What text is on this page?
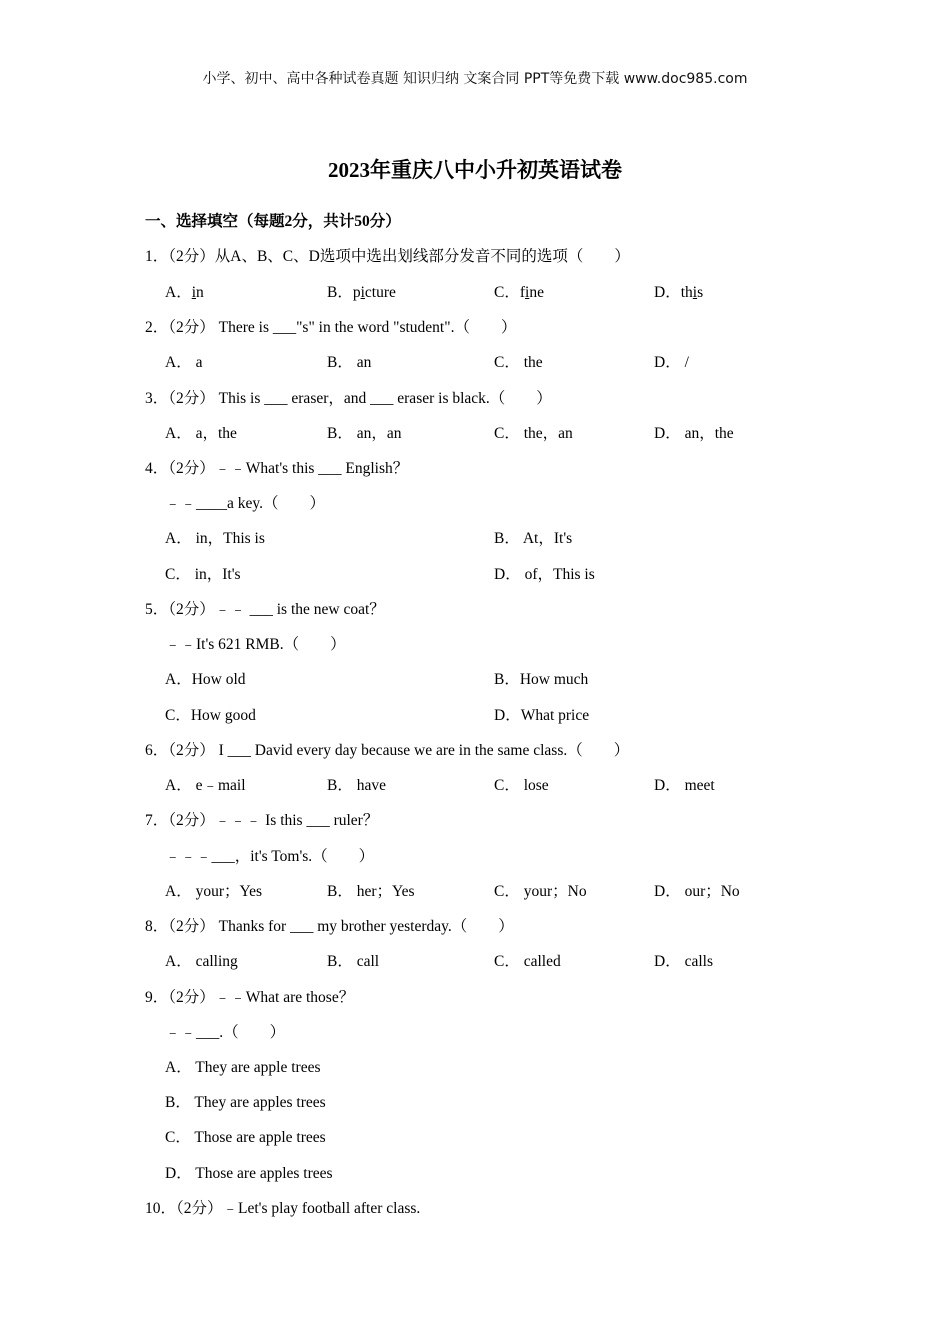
小学、初中、高中各种试卷真题 知识归纳 文案合同 PPT等免费下载 www.doc985.com
2023年重庆八中小升初英语试卷
一、选择填空（每题2分，共计50分）
1．（2分）从A、B、C、D选项中选出划线部分发音不同的选项（　　）
A．in	B．picture	C．fine	D．this
2．（2分） There is ___"s" in the word "student".（　　）
A． a	B． an	C． the	D． /
3．（2分） This is ___ eraser，and ___ eraser is black.（　　）
A． a，the	B． an，an	C． the，an	D． an，the
4．（2分）﹣﹣What's this ___ English？
﹣﹣____a key.（　　）
A． in，This is	B． At，It's
C． in，It's	D． of，This is
5．（2分）﹣﹣ ___ is the new coat？
﹣﹣It's 621 RMB.（　　）
A．How old	B．How much
C．How good	D．What price
6．（2分） I ___ David every day because we are in the same class.（　　）
A． e﹣mail	B． have	C． lose	D． meet
7．（2分）﹣﹣﹣ Is this ___ ruler？
﹣﹣﹣___，it's Tom's.（　　）
A． your；Yes	B． her；Yes	C． your；No	D． our；No
8．（2分） Thanks for ___ my brother yesterday.（　　）
A． calling	B． call	C． called	D． calls
9．（2分）﹣﹣What are those？
﹣﹣___.（　　）
A． They are apple trees
B． They are apples trees
C． Those are apple trees
D． Those are apples trees
10．（2分）﹣Let's play football after class.
